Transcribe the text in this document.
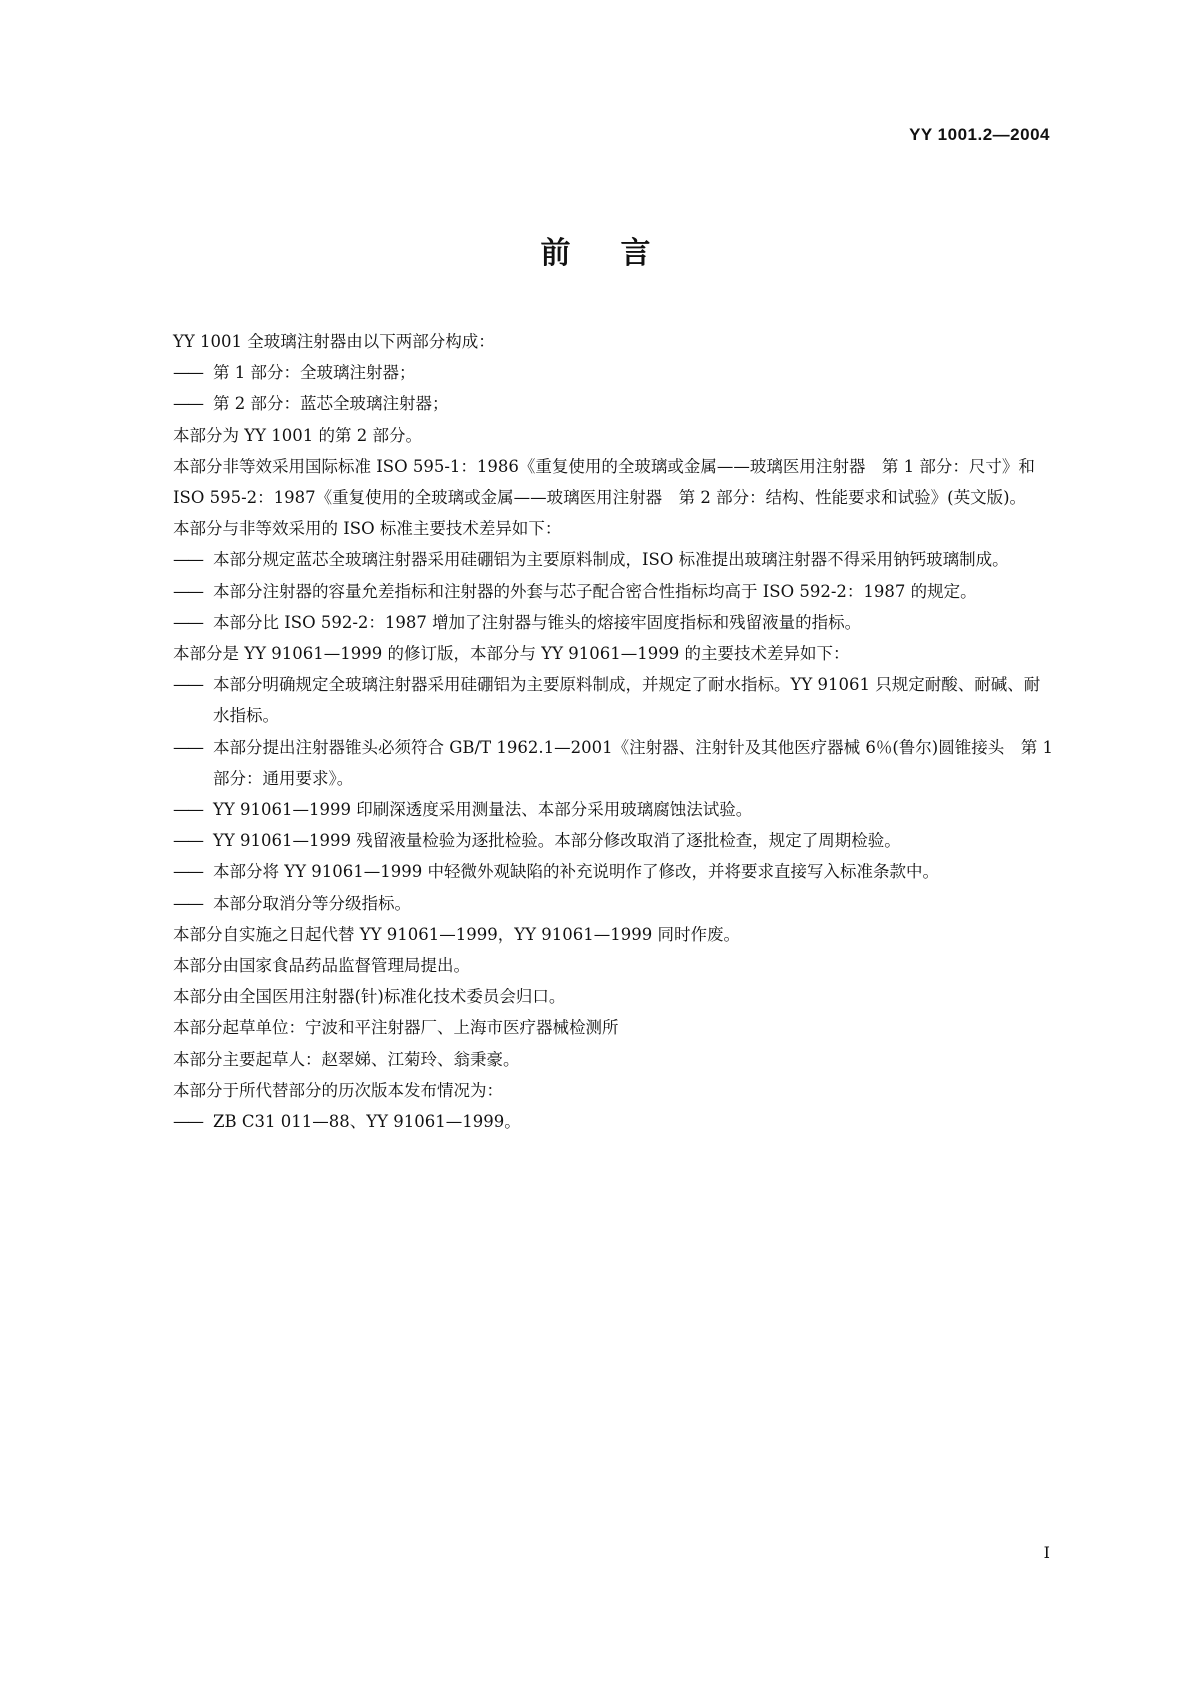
YY 1001.2—2004
前言
YY 1001 全玻璃注射器由以下两部分构成：
—— 第 1 部分：全玻璃注射器；
—— 第 2 部分：蓝芯全玻璃注射器；
本部分为 YY 1001 的第 2 部分。
本部分非等效采用国际标准 ISO 595-1：1986《重复使用的全玻璃或金属——玻璃医用注射器　第 1 部分：尺寸》和 ISO 595-2：1987《重复使用的全玻璃或金属——玻璃医用注射器　第 2 部分：结构、性能要求和试验》(英文版)。
本部分与非等效采用的 ISO 标准主要技术差异如下：
—— 本部分规定蓝芯全玻璃注射器采用硅硼铝为主要原料制成，ISO 标准提出玻璃注射器不得采用钠钙玻璃制成。
—— 本部分注射器的容量允差指标和注射器的外套与芯子配合密合性指标均高于 ISO 592-2：1987 的规定。
—— 本部分比 ISO 592-2：1987 增加了注射器与锥头的熔接牢固度指标和残留液量的指标。
本部分是 YY 91061—1999 的修订版，本部分与 YY 91061—1999 的主要技术差异如下：
—— 本部分明确规定全玻璃注射器采用硅硼铝为主要原料制成，并规定了耐水指标。YY 91061 只规定耐酸、耐碱、耐水指标。
—— 本部分提出注射器锥头必须符合 GB/T 1962.1—2001《注射器、注射针及其他医疗器械 6％(鲁尔)圆锥接头　第 1 部分：通用要求》。
—— YY 91061—1999 印刷深透度采用测量法、本部分采用玻璃腐蚀法试验。
—— YY 91061—1999 残留液量检验为逐批检验。本部分修改取消了逐批检查，规定了周期检验。
—— 本部分将 YY 91061—1999 中轻微外观缺陷的补充说明作了修改，并将要求直接写入标准条款中。
—— 本部分取消分等分级指标。
本部分自实施之日起代替 YY 91061—1999，YY 91061—1999 同时作废。
本部分由国家食品药品监督管理局提出。
本部分由全国医用注射器(针)标准化技术委员会归口。
本部分起草单位：宁波和平注射器厂、上海市医疗器械检测所
本部分主要起草人：赵翠娣、江菊玲、翁秉豪。
本部分于所代替部分的历次版本发布情况为：
—— ZB C31 011—88、YY 91061—1999。
I
